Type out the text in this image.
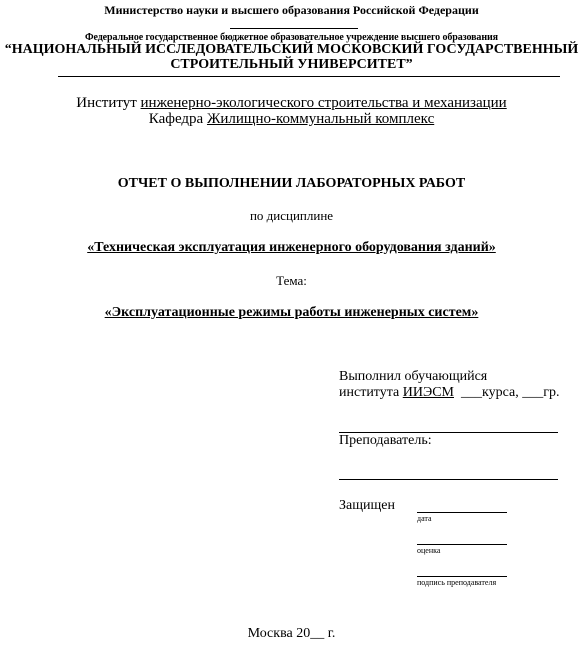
Министерство науки и высшего образования Российской Федерации
Федеральное государственное бюджетное образовательное учреждение высшего образования
“НАЦИОНАЛЬНЫЙ ИССЛЕДОВАТЕЛЬСКИЙ МОСКОВСКИЙ ГОСУДАРСТВЕННЫЙ
СТРОИТЕЛЬНЫЙ УНИВЕРСИТЕТ”
Институт инженерно-экологического строительства и механизации
Кафедра Жилищно-коммунальный комплекс
ОТЧЕТ О ВЫПОЛНЕНИИ ЛАБОРАТОРНЫХ РАБОТ
по дисциплине
«Техническая эксплуатация инженерного оборудования зданий»
Тема:
«Эксплуатационные режимы работы инженерных систем»
Выполнил обучающийся
института ИИЭСМ ___курса, ___гр.
Преподаватель:
Защищен
дата
оценка
подпись преподавателя
Москва 20__ г.
